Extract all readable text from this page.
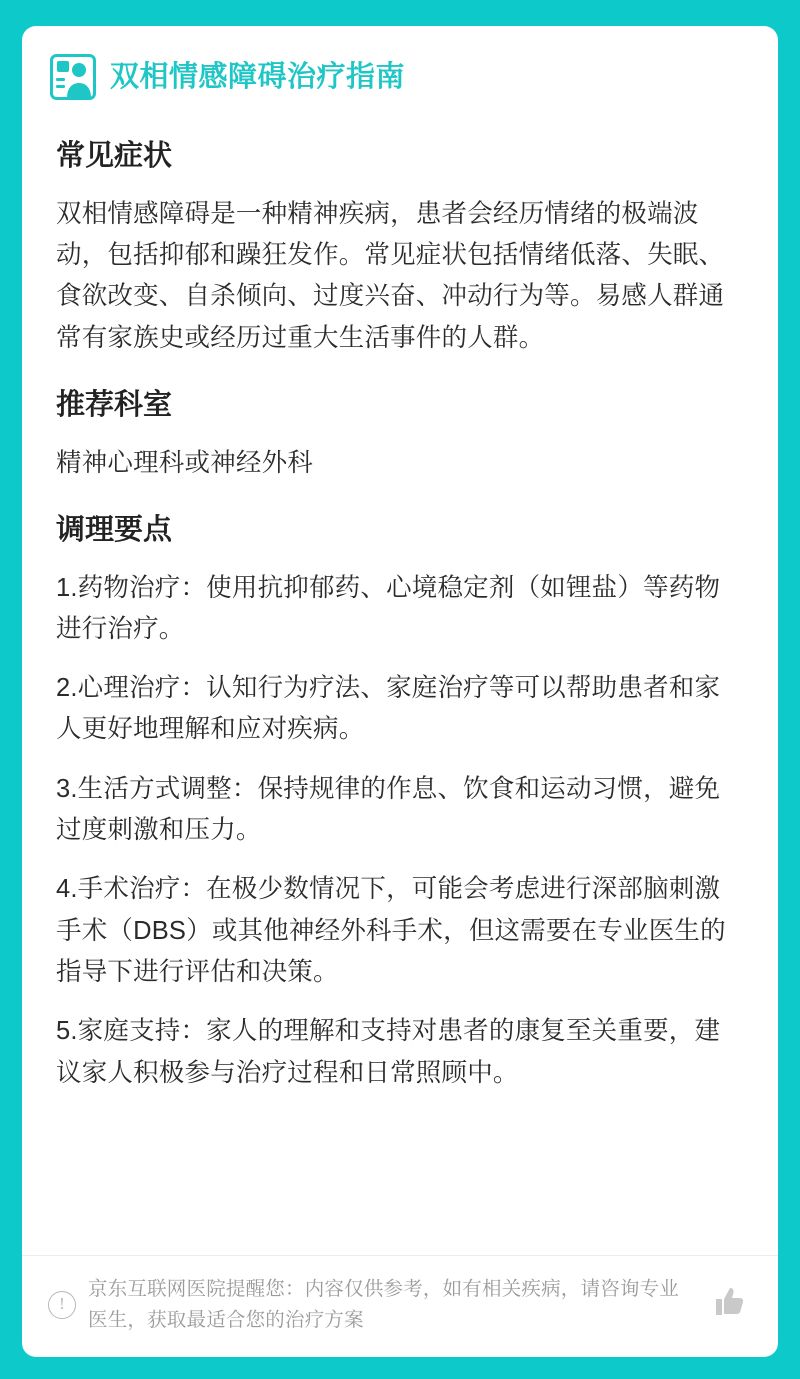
双相情感障碍治疗指南
常见症状

双相情感障碍是一种精神疾病，患者会经历情绪的极端波动，包括抑郁和躁狂发作。常见症状包括情绪低落、失眠、食欲改变、自杀倾向、过度兴奋、冲动行为等。易感人群通常有家族史或经历过重大生活事件的人群。

推荐科室

精神心理科或神经外科

调理要点
1.药物治疗：使用抗抑郁药、心境稳定剂（如锂盐）等药物进行治疗。
2.心理治疗：认知行为疗法、家庭治疗等可以帮助患者和家人更好地理解和应对疾病。
3.生活方式调整：保持规律的作息、饮食和运动习惯，避免过度刺激和压力。
4.手术治疗：在极少数情况下，可能会考虑进行深部脑刺激手术（DBS）或其他神经外科手术，但这需要在专业医生的指导下进行评估和决策。
5.家庭支持：家人的理解和支持对患者的康复至关重要，建议家人积极参与治疗过程和日常照顾中。
!
京东互联网医院提醒您：内容仅供参考，如有相关疾病，请咨询专业医生，获取最适合您的治疗方案
